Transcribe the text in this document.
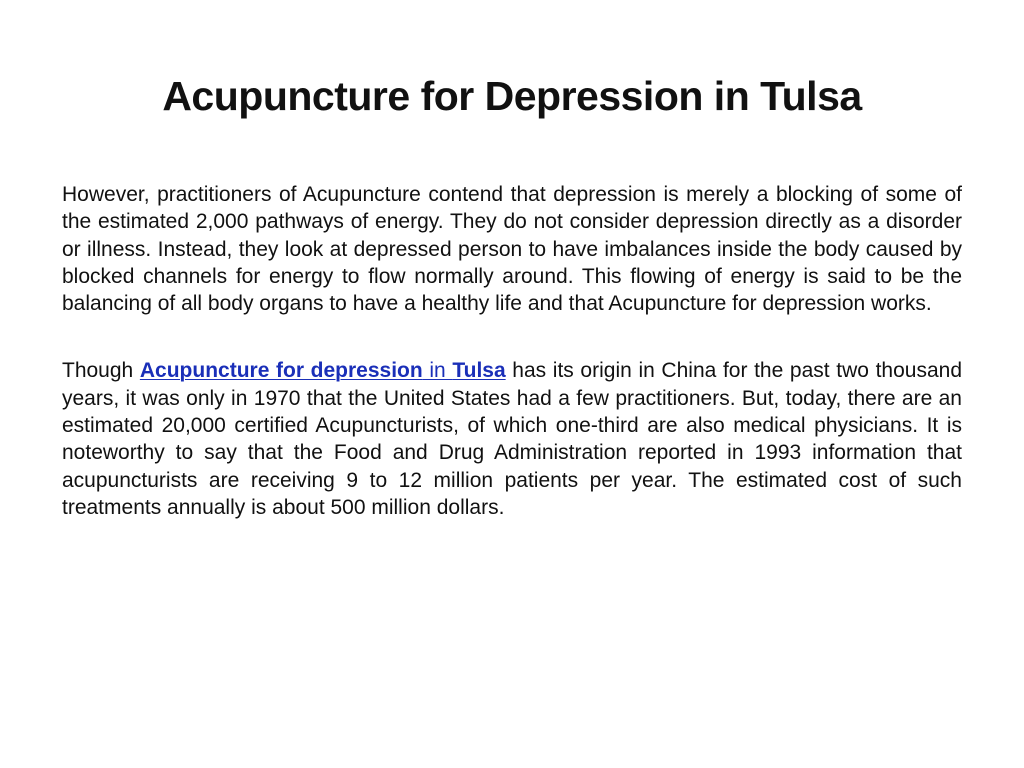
Acupuncture for Depression in Tulsa

However, practitioners of Acupuncture contend that depression is merely a blocking of some of the estimated 2,000 pathways of energy. They do not consider depression directly as a disorder or illness. Instead, they look at depressed person to have imbalances inside the body caused by blocked channels for energy to flow normally around. This flowing of energy is said to be the balancing of all body organs to have a healthy life and that Acupuncture for depression works.

Though Acupuncture for depression in Tulsa has its origin in China for the past two thousand years, it was only in 1970 that the United States had a few practitioners. But, today, there are an estimated 20,000 certified Acupuncturists, of which one-third are also medical physicians. It is noteworthy to say that the Food and Drug Administration reported in 1993 information that acupuncturists are receiving 9 to 12 million patients per year. The estimated cost of such treatments annually is about 500 million dollars.
